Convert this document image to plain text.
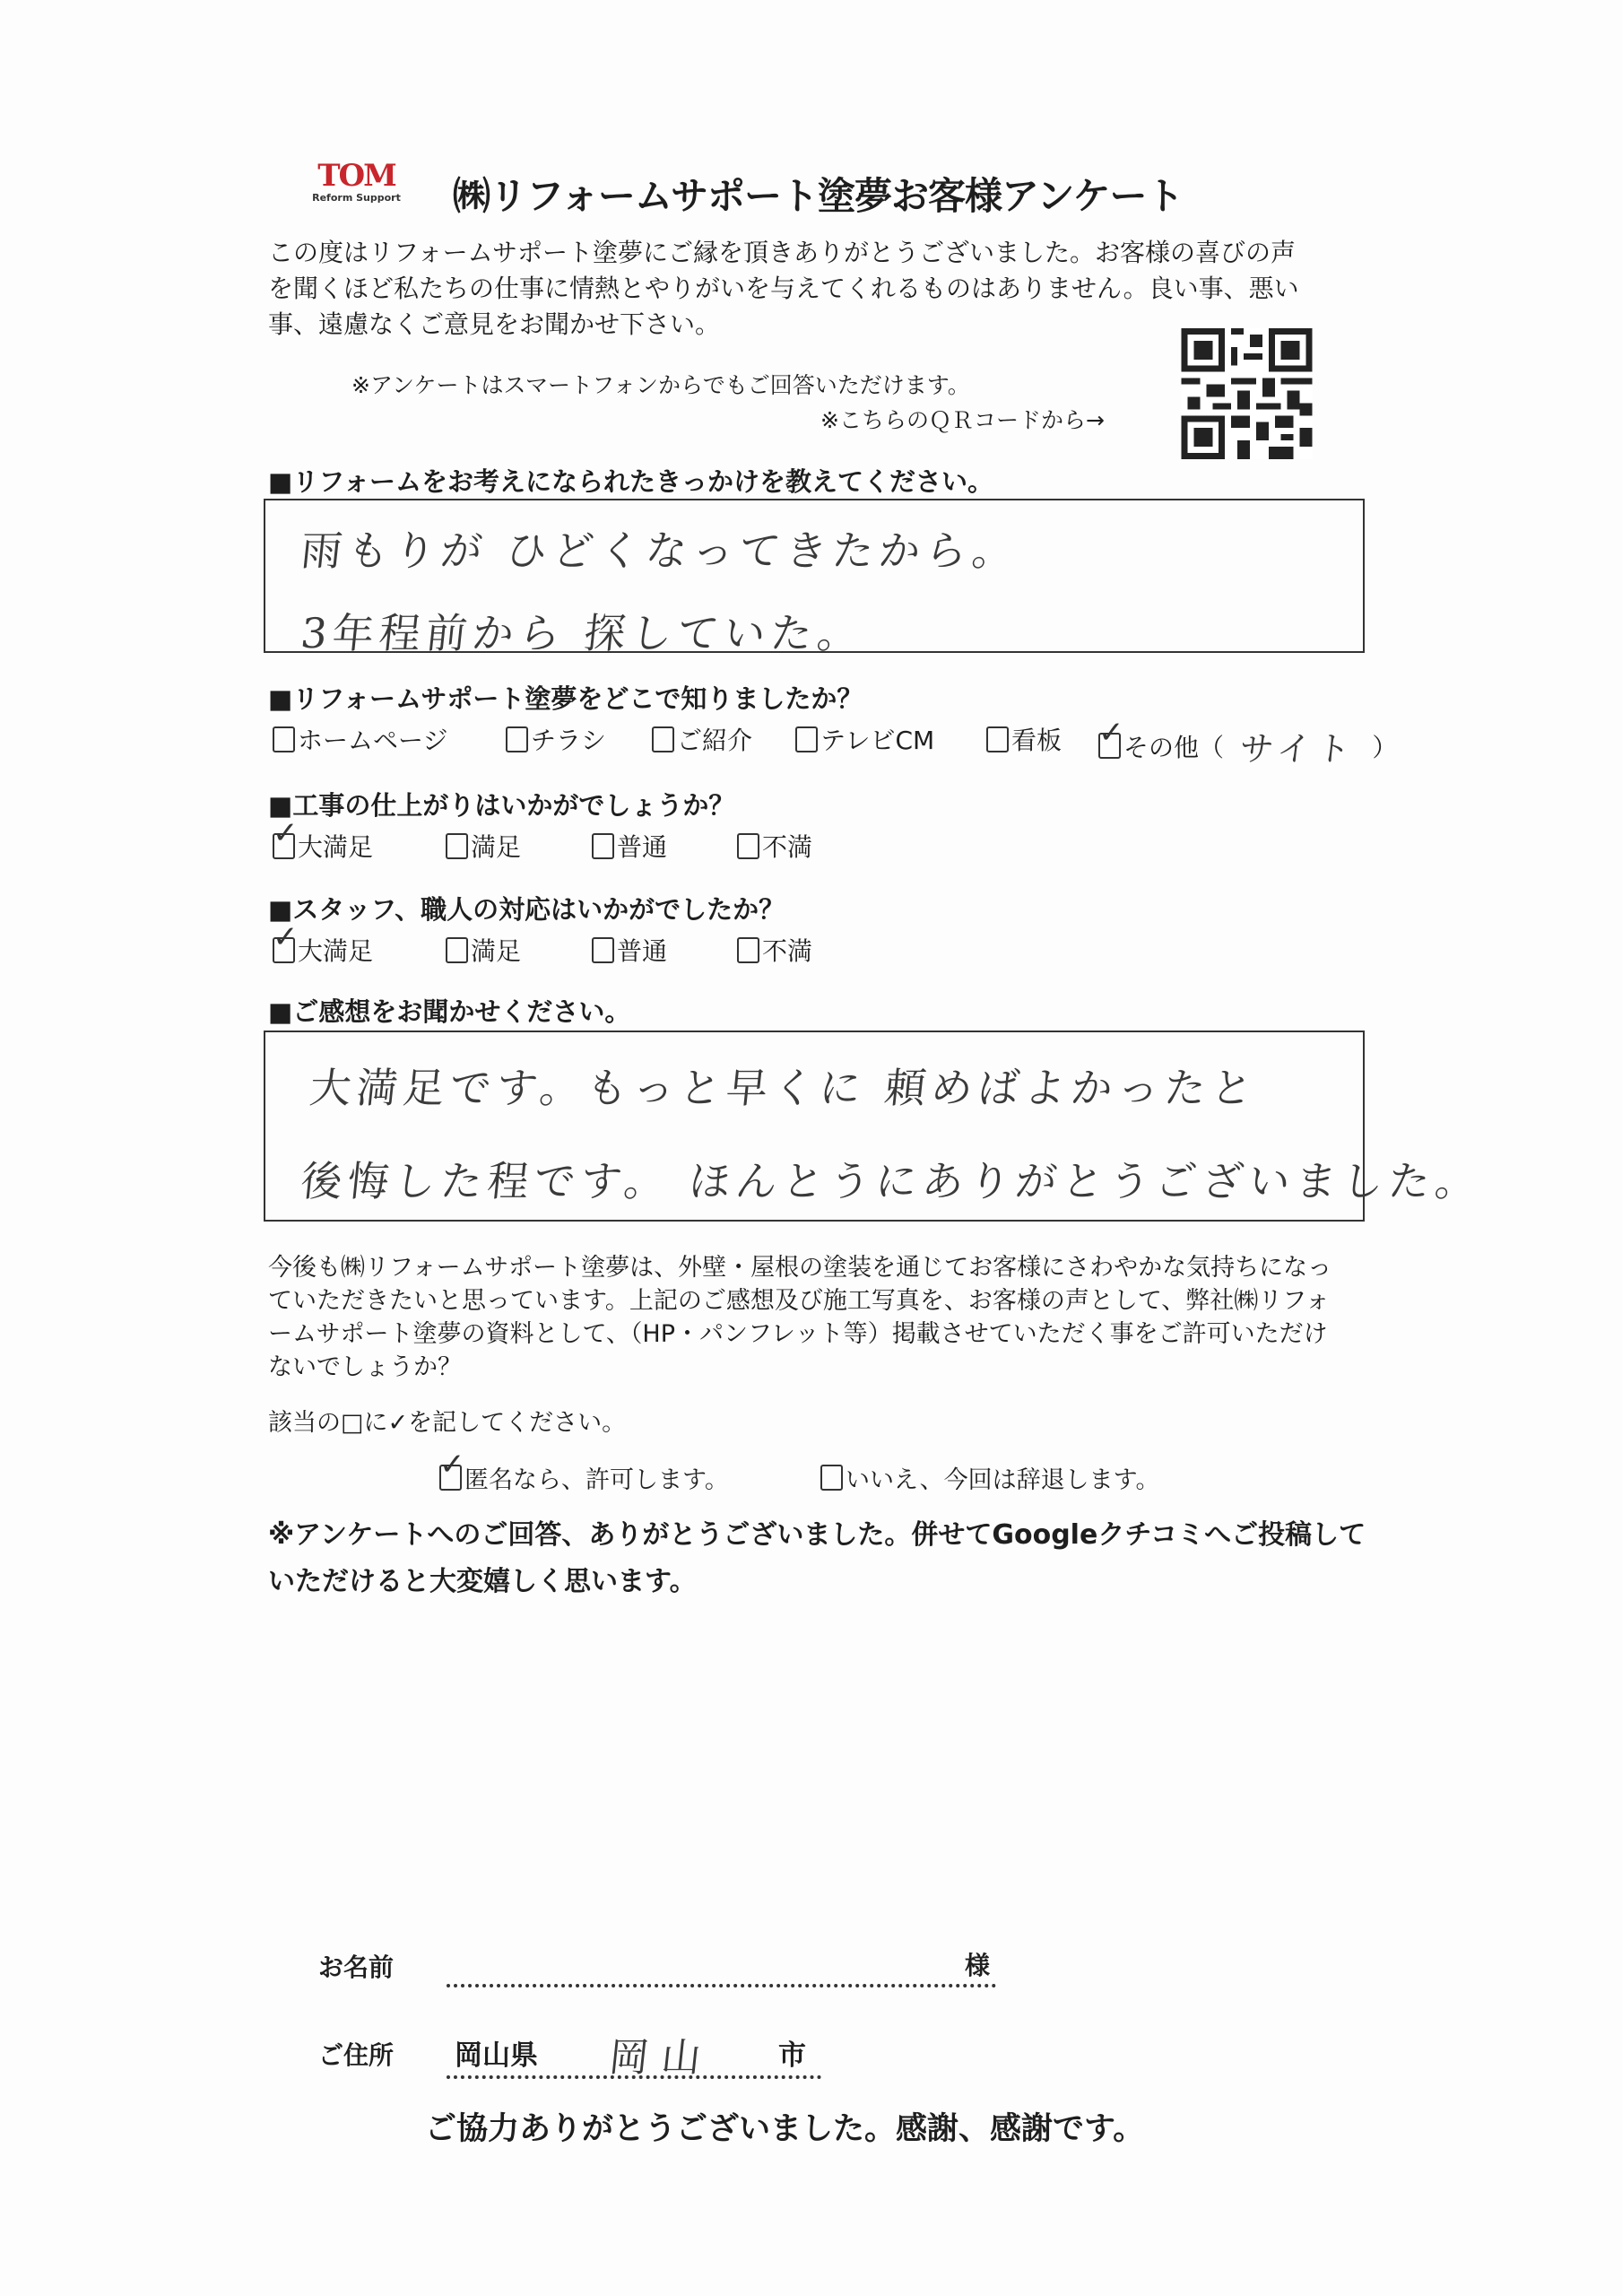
TOM
Reform Support	㈱リフォームサポート塗夢お客様アンケート
この度はリフォームサポート塗夢にご縁を頂きありがとうございました。お客様の喜びの声を聞くほど私たちの仕事に情熱とやりがいを与えてくれるものはありません。良い事、悪い事、遠慮なくご意見をお聞かせ下さい。
※アンケートはスマートフォンからでもご回答いただけます。
※こちらのＱＲコードから→
■リフォームをお考えになられたきっかけを教えてください。
雨もりが ひどくなってきたから。
3年程前から 探していた。
■リフォームサポート塗夢をどこで知りましたか？
ホームページ	チラシ	ご紹介	テレビCM	看板 ✓ その他（ サイト ）
■工事の仕上がりはいかがでしょうか？
✓
大満足	満足	普通	不満
■スタッフ、職人の対応はいかがでしたか？
✓
大満足	満足	普通	不満
■ご感想をお聞かせください。
大満足です。もっと早くに 頼めばよかったと
後悔した程です。 ほんとうにありがとうございました。
今後も㈱リフォームサポート塗夢は、外壁・屋根の塗装を通じてお客様にさわやかな気持ちになっていただきたいと思っています。上記のご感想及び施工写真を、お客様の声として、弊社㈱リフォームサポート塗夢の資料として、（HP・パンフレット等）掲載させていただく事をご許可いただけないでしょうか？
該当の□に✓を記してください。
✓
匿名なら、許可します。	いいえ、今回は辞退します。
※アンケートへのご回答、ありがとうございました。併せてGoogleクチコミへご投稿していただけると大変嬉しく思います。
お名前	様
ご住所 岡山県 岡山 市
ご協力ありがとうございました。感謝、感謝です。
